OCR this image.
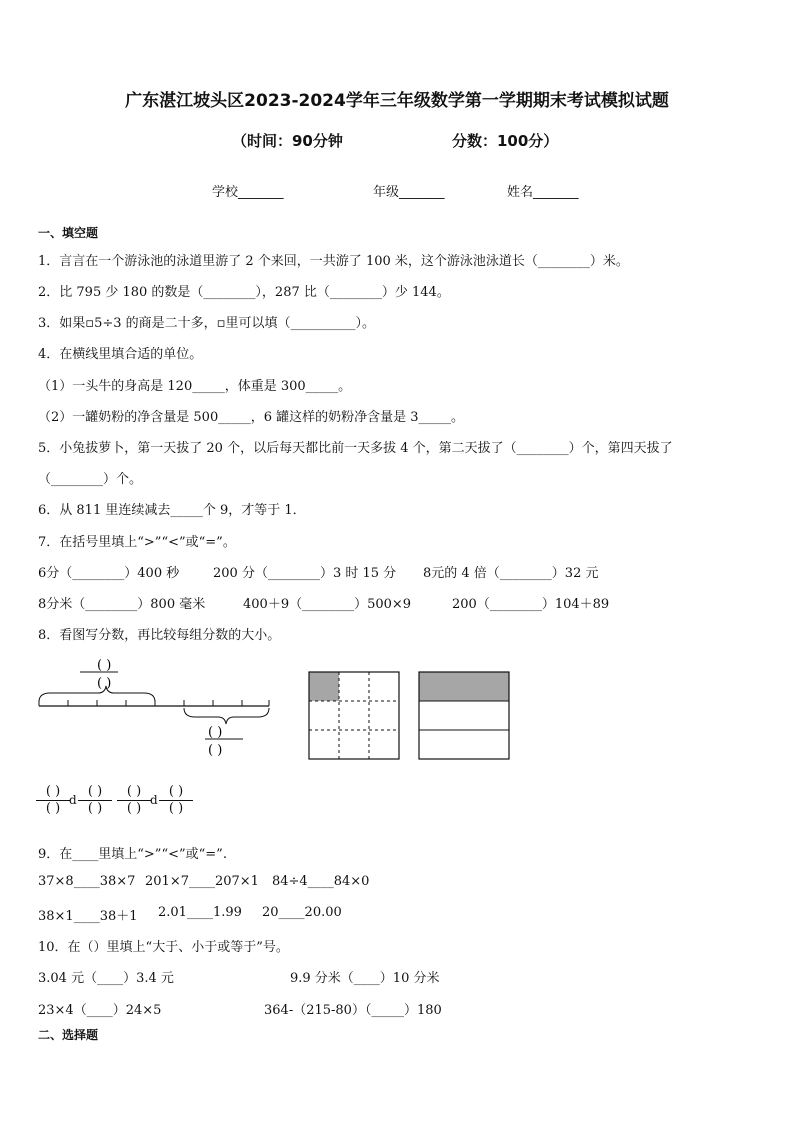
广东湛江坡头区2023-2024学年三年级数学第一学期期末考试模拟试题
（时间：90分钟	分数：100分）
学校_______	年级_______	姓名_______
一、填空题
1．言言在一个游泳池的泳道里游了 2 个来回，一共游了 100 米，这个游泳池泳道长（________）米。
2．比 795 少 180 的数是（________），287 比（________）少 144。
3．如果▫5÷3 的商是二十多，▫里可以填（__________）。
4．在横线里填合适的单位。
（1）一头牛的身高是 120_____，体重是 300_____。
（2）一罐奶粉的净含量是 500_____，6 罐这样的奶粉净含量是 3_____。
5．小兔拔萝卜，第一天拔了 20 个，以后每天都比前一天多拔 4 个，第二天拔了（________）个，第四天拔了
（________）个。
6．从 811 里连续减去_____个 9，才等于 1．
7．在括号里填上“>”“<”或“=”。
6分（________）400 秒	200 分（________）3 时 15 分 8元的 4 倍（________）32 元
8分米（________）800 毫米	400＋9（________）500×9	200（________）104＋89
8．看图写分数，再比较每组分数的大小。
( )
( )
( )
( )
( )
( )
d
( )
( )
( )
( )
d
( )
( )
9．在____里填上“>”“<”或“=”.
37×8____38×7 201×7____207×1 84÷4____84×0
38×1____38＋1 2.01____1.99 20____20.00
10．在（）里填上“大于、小于或等于”号。
3.04 元（____）3.4 元	9.9 分米（____）10 分米
23×4（____）24×5	364-（215-80）（_____）180
二、选择题
